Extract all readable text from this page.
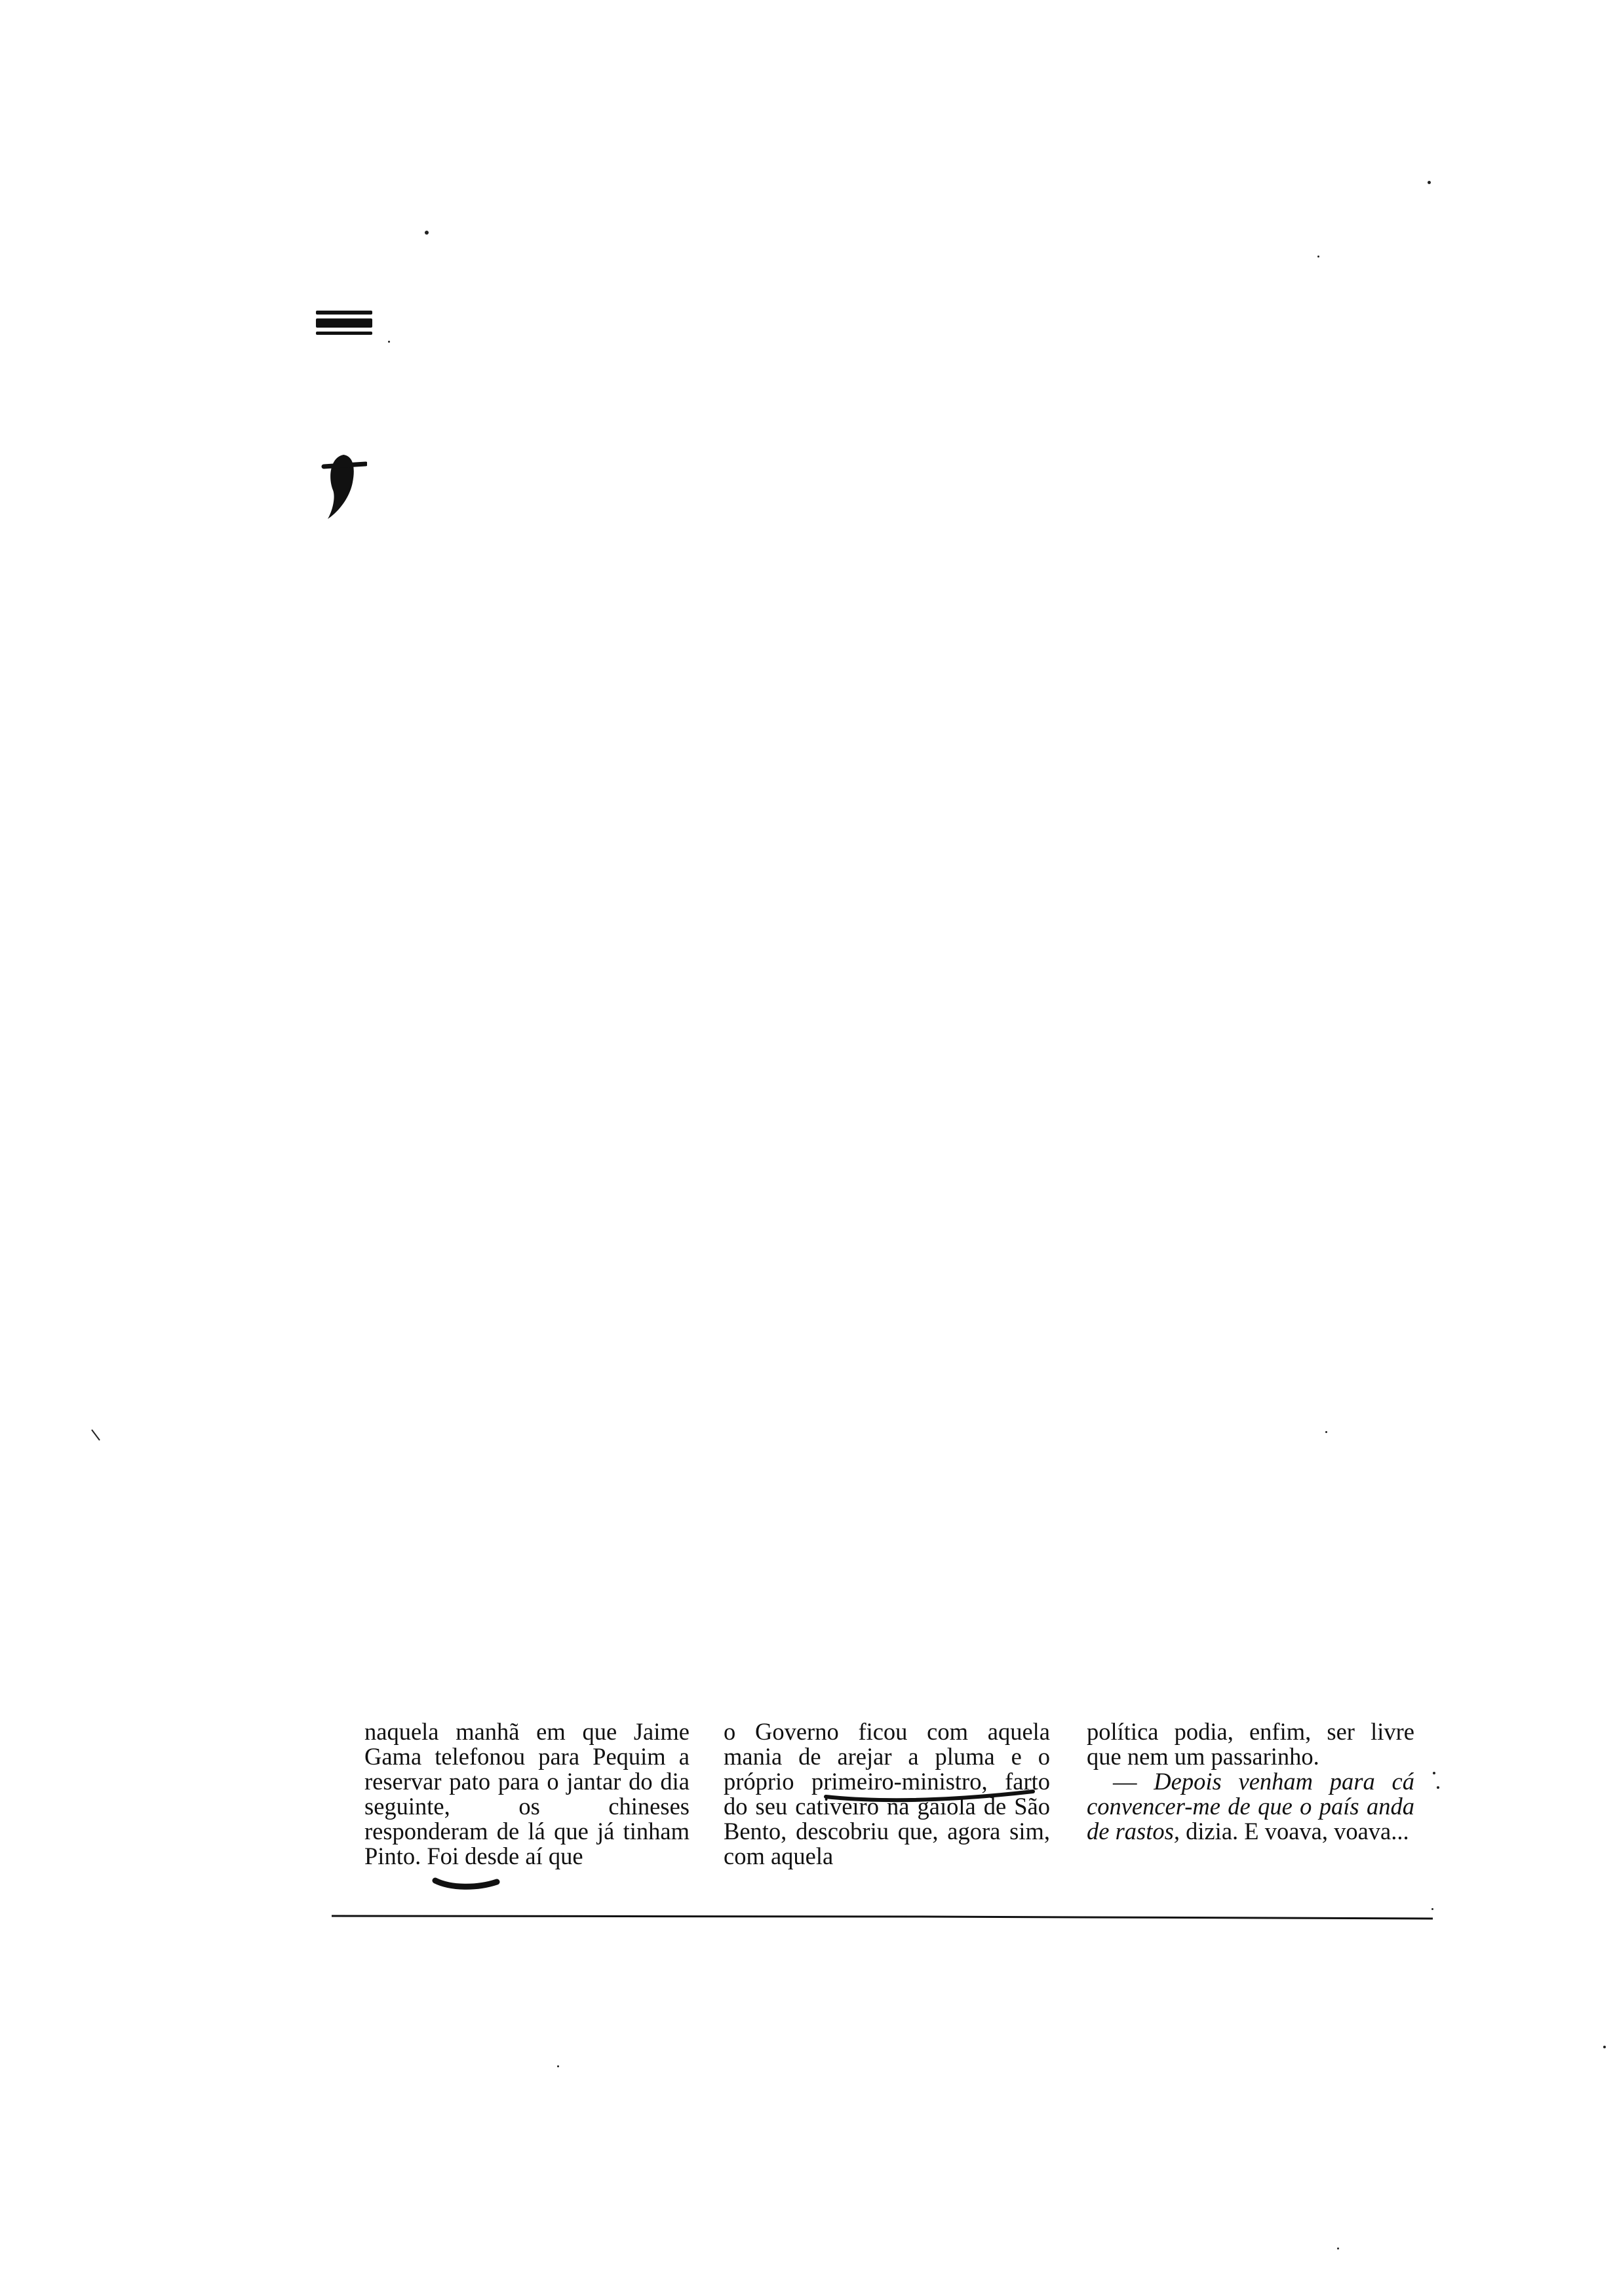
naquela manhã em que Jaime Gama telefonou para Pequim a reservar pato para o jantar do dia seguinte, os chineses responderam de lá que já tinham Pinto. Foi desde aí que

o Governo ficou com aquela mania de arejar a pluma e o próprio primeiro-ministro, farto do seu cativeiro na gaiola de São Bento, descobriu que, agora sim, com aquela

política podia, enfim, ser livre que nem um passarinho.

— Depois venham para cá convencer-me de que o país anda de rastos, dizia. E voava, voava...
